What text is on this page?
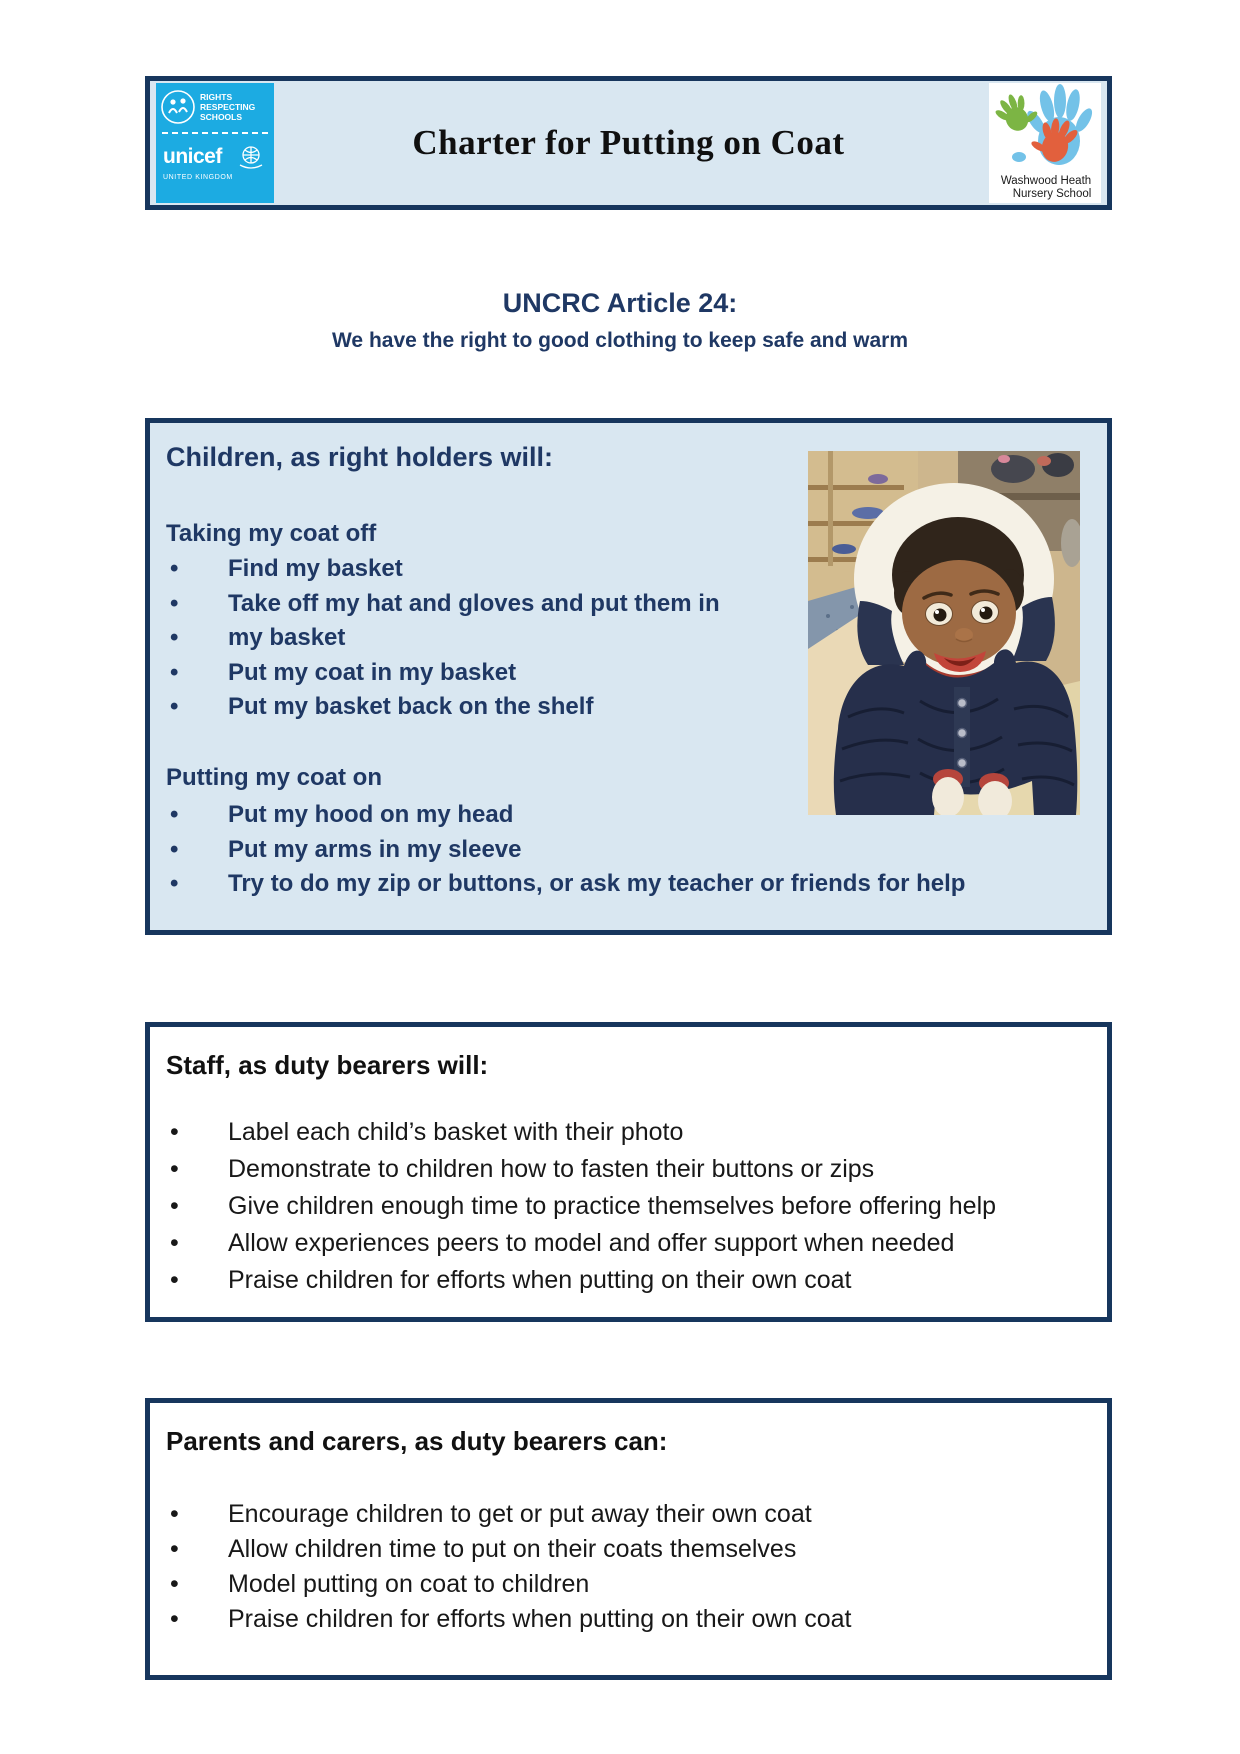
RIGHTS
RESPECTING
SCHOOLS
unicef
UNITED KINGDOM
Charter for Putting on Coat
Washwood Heath
Nursery School
UNCRC Article 24:
We have the right to good clothing to keep safe and warm
Children, as right holders will:
Taking my coat off
• Find my basket
• Take off my hat and gloves and put them in
• my basket
• Put my coat in my basket
• Put my basket back on the shelf
Putting my coat on
• Put my hood on my head
• Put my arms in my sleeve
• Try to do my zip or buttons, or ask my teacher or friends for help
Staff, as duty bearers will:
• Label each child’s basket with their photo
• Demonstrate to children how to fasten their buttons or zips
• Give children enough time to practice themselves before offering help
• Allow experiences peers to model and offer support when needed
• Praise children for efforts when putting on their own coat
Parents and carers, as duty bearers can:
• Encourage children to get or put away their own coat
• Allow children time to put on their coats themselves
• Model putting on coat to children
• Praise children for efforts when putting on their own coat
